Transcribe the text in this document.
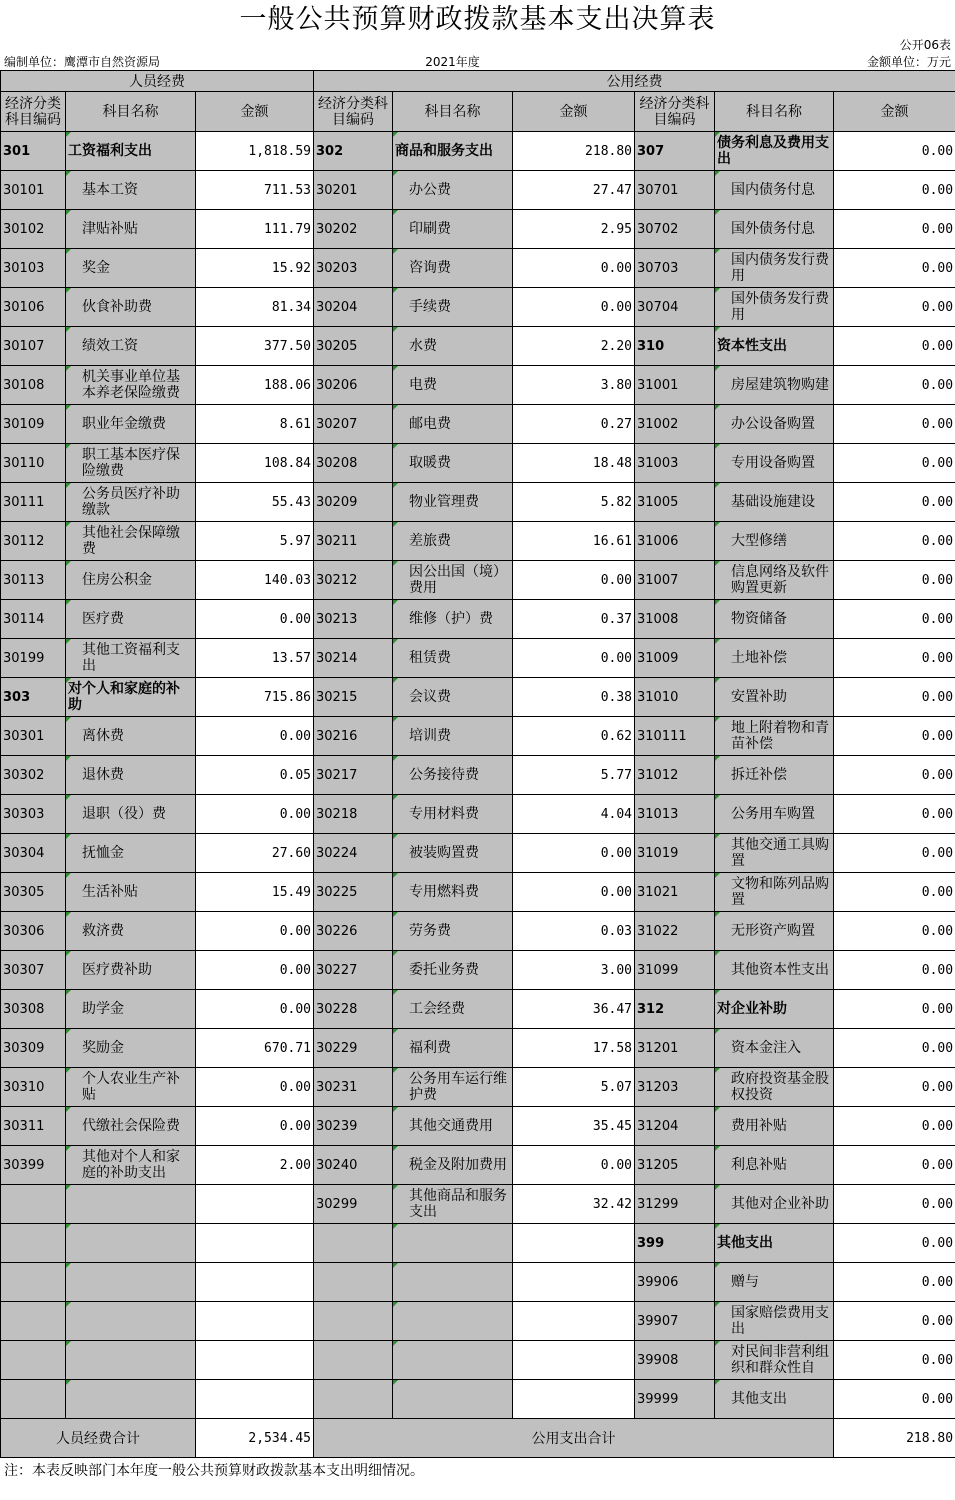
一般公共预算财政拨款基本支出决算表
公开06表
编制单位：鹰潭市自然资源局	2021年度	金额单位：万元
人员经费			公用经费					
经济分类科目编码	科目名称	金额	经济分类科目编码	科目名称	金额	经济分类科目编码	科目名称	金额
301	工资福利支出	1,818.59	302	商品和服务支出	218.80	307	债务利息及费用支出	0.00
30101	基本工资	711.53	30201	办公费	27.47	30701	国内债务付息	0.00
30102	津贴补贴	111.79	30202	印刷费	2.95	30702	国外债务付息	0.00
30103	奖金	15.92	30203	咨询费	0.00	30703	国内债务发行费用	0.00
30106	伙食补助费	81.34	30204	手续费	0.00	30704	国外债务发行费用	0.00
30107	绩效工资	377.50	30205	水费	2.20	310	资本性支出	0.00
30108	机关事业单位基本养老保险缴费	188.06	30206	电费	3.80	31001	房屋建筑物购建	0.00
30109	职业年金缴费	8.61	30207	邮电费	0.27	31002	办公设备购置	0.00
30110	职工基本医疗保险缴费	108.84	30208	取暖费	18.48	31003	专用设备购置	0.00
30111	公务员医疗补助缴款	55.43	30209	物业管理费	5.82	31005	基础设施建设	0.00
30112	其他社会保障缴费	5.97	30211	差旅费	16.61	31006	大型修缮	0.00
30113	住房公积金	140.03	30212	因公出国（境）费用	0.00	31007	信息网络及软件购置更新	0.00
30114	医疗费	0.00	30213	维修（护）费	0.37	31008	物资储备	0.00
30199	其他工资福利支出	13.57	30214	租赁费	0.00	31009	土地补偿	0.00
303	对个人和家庭的补助	715.86	30215	会议费	0.38	31010	安置补助	0.00
30301	离休费	0.00	30216	培训费	0.62	310111	地上附着物和青苗补偿	0.00
30302	退休费	0.05	30217	公务接待费	5.77	31012	拆迁补偿	0.00
30303	退职（役）费	0.00	30218	专用材料费	4.04	31013	公务用车购置	0.00
30304	抚恤金	27.60	30224	被装购置费	0.00	31019	其他交通工具购置	0.00
30305	生活补贴	15.49	30225	专用燃料费	0.00	31021	文物和陈列品购置	0.00
30306	救济费	0.00	30226	劳务费	0.03	31022	无形资产购置	0.00
30307	医疗费补助	0.00	30227	委托业务费	3.00	31099	其他资本性支出	0.00
30308	助学金	0.00	30228	工会经费	36.47	312	对企业补助	0.00
30309	奖励金	670.71	30229	福利费	17.58	31201	资本金注入	0.00
30310	个人农业生产补贴	0.00	30231	公务用车运行维护费	5.07	31203	政府投资基金股权投资	0.00
30311	代缴社会保险费	0.00	30239	其他交通费用	35.45	31204	费用补贴	0.00
30399	其他对个人和家庭的补助支出	2.00	30240	税金及附加费用	0.00	31205	利息补贴	0.00
			30299	其他商品和服务支出	32.42	31299	其他对企业补助	0.00
						399	其他支出	0.00
						39906	赠与	0.00
						39907	国家赔偿费用支出	0.00
						39908	对民间非营利组织和群众性自	0.00
						39999	其他支出	0.00
人员经费合计		2,534.45	公用支出合计					218.80
注：本表反映部门本年度一般公共预算财政拨款基本支出明细情况。
